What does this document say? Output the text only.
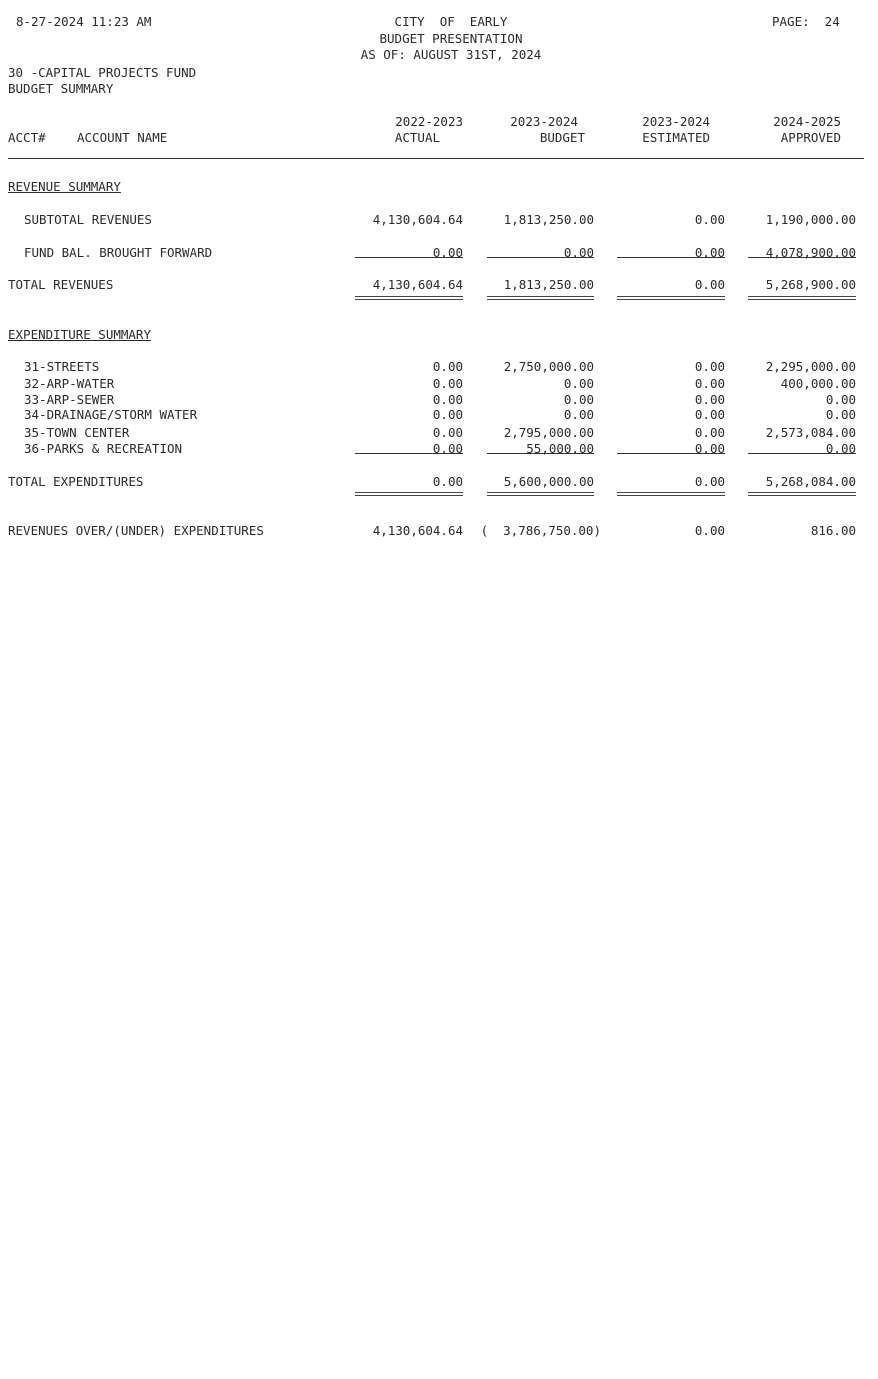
8-27-2024 11:23 AM	CITY  OF  EARLY
BUDGET PRESENTATION
AS OF: AUGUST 31ST, 2024
PAGE:  24
30 -CAPITAL PROJECTS FUND
BUDGET SUMMARY
ACCT#	ACCOUNT NAME
2022-2023
ACTUAL
2023-2024
BUDGET
2023-2024
ESTIMATED
2024-2025
APPROVED
REVENUE SUMMARY
SUBTOTAL REVENUES	4,130,604.64	1,813,250.00	0.00	1,190,000.00
FUND BAL. BROUGHT FORWARD	0.00	0.00	0.00	4,078,900.00
TOTAL REVENUES	4,130,604.64	1,813,250.00	0.00	5,268,900.00
EXPENDITURE SUMMARY
31-STREETS	0.00	2,750,000.00	0.00	2,295,000.00
32-ARP-WATER	0.00	0.00	0.00	400,000.00
33-ARP-SEWER	0.00	0.00	0.00	0.00
34-DRAINAGE/STORM WATER	0.00	0.00	0.00	0.00
35-TOWN CENTER	0.00	2,795,000.00	0.00	2,573,084.00
36-PARKS & RECREATION	0.00	55,000.00	0.00	0.00
TOTAL EXPENDITURES	0.00	5,600,000.00	0.00	5,268,084.00
REVENUES OVER/(UNDER) EXPENDITURES	4,130,604.64	(  3,786,750.00)	0.00	816.00
